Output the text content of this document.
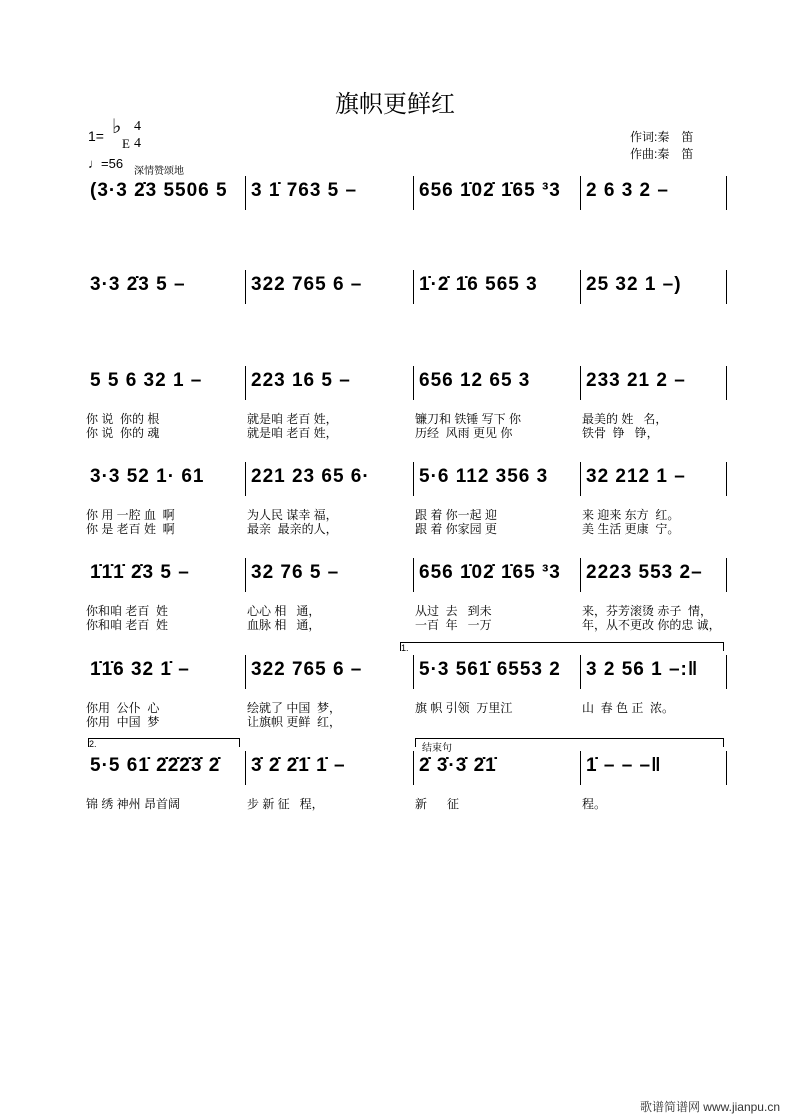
旗帜更鲜红
1= ♭
E
4
4
♩=56
深情赞颂地
作词:秦　笛
作曲:秦　笛
1.
2.	结束句
(3·3 2̇3 5506 5	3 1̇ 763 5 –	656 1̇02̇ 1̇65 ³3	2 6 3 2 –
3·3 2̇3 5 –	322 765 6 –	1̇·2̇ 1̇6 565 3	25 32 1 –)
5 5 6 32 1 –	223 16 5 –	656 12 65 3	233 21 2 –
你 说  你的 根	就是咱 老百 姓，	镰刀和 铁锤 写下 你	最美的 姓   名，
你 说  你的 魂	就是咱 老百 姓，	历经  风雨 更见 你	铁骨  铮   铮，
3·3 52 1· 61	221 23 65 6·	5·6 112 356 3	32 212 1 –
你 用 一腔 血  啊	为人民 谋幸 福，	跟 着 你一起 迎	来 迎来 东方  红。
你 是 老百 姓  啊	最亲  最亲的人，	跟 着 你家园 更	美 生活 更康  宁。
1̇1̇1̇ 2̇3 5 –	32 76 5 –	656 1̇02̇ 1̇65 ³3	2223 553 2–
你和咱 老百  姓	心心 相   通，	从过  去   到未	来，芬芳滚烫 赤子  情，
你和咱 老百  姓	血脉 相   通，	一百  年   一万	年，从不更改 你的忠 诚，
1̇1̇6 32 1̇ –	322 765 6 –	5·3 561̇ 6553 2	3 2 56 1 –:‖
你用  公仆  心	绘就了 中国  梦，	旗 帜 引领  万里江	山  春 色 正  浓。
你用  中国  梦	让旗帜 更鲜  红，
5·5 61̇ 2̇2̇2̇3̇ 2̇	3̇ 2̇ 2̇1̇ 1̇ –	2̇ 3̇·3̇ 2̇1̇	1̇ – – –‖
锦 绣 神州 昂首阔	步 新 征   程，	新      征	程。
歌谱简谱网 www.jianpu.cn
